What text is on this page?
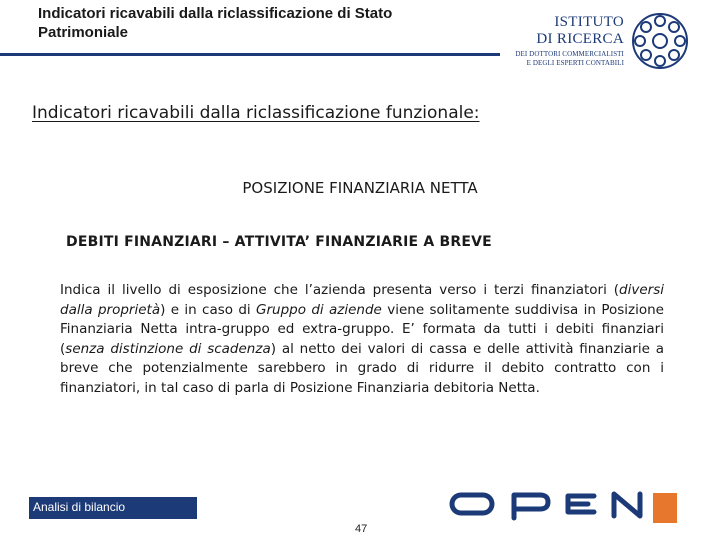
Indicatori ricavabili dalla riclassificazione di Stato
Patrimoniale
ISTITUTO
DI RICERCA
DEI DOTTORI COMMERCIALISTI
E DEGLI ESPERTI CONTABILI
Indicatori ricavabili dalla riclassificazione funzionale:
POSIZIONE FINANZIARIA NETTA
DEBITI FINANZIARI – ATTIVITA’ FINANZIARIE A BREVE
Indica il livello di esposizione che l’azienda presenta verso i terzi finanziatori (diversi dalla proprietà) e in caso di Gruppo di aziende viene solitamente suddivisa in Posizione Finanziaria Netta intra-gruppo ed extra-gruppo. E’ formata da tutti i debiti finanziari (senza distinzione di scadenza) al netto dei valori di cassa e delle attività finanziarie a breve che potenzialmente sarebbero in grado di ridurre il debito contratto con i finanziatori, in tal caso di parla di Posizione Finanziaria debitoria Netta.
Analisi di bilancio
47
